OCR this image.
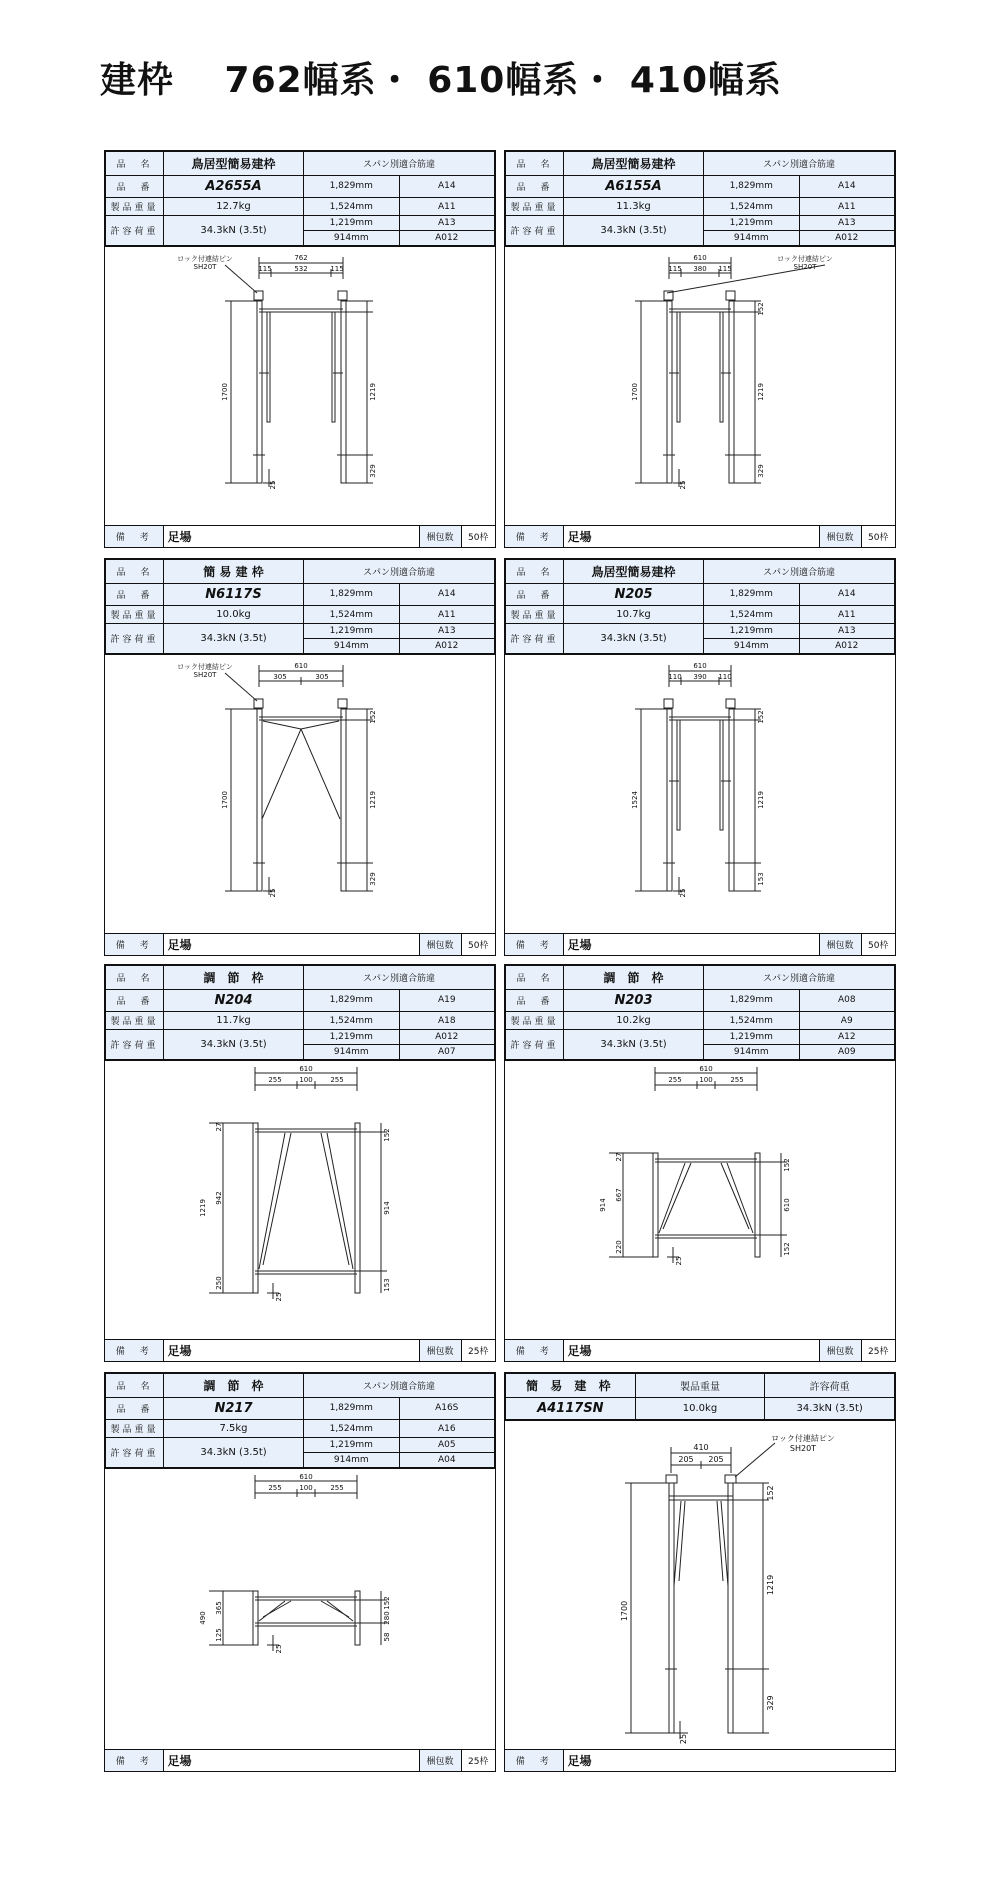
建枠　 762幅系・ 610幅系・ 410幅系
品　名	鳥居型簡易建枠	スパン別適合筋違	
品　番	A2655A	1,829mm	A14
製品重量	12.7kg	1,524mm	A11
許容荷重	34.3kN (3.5t)	1,219mm	A13
		914mm	A012
762
115	532	115
1700	1219
329
25
ロック付連結ピン
SH20T
備　考	足場	梱包数	50枠
品　名	鳥居型簡易建枠	スパン別適合筋違	
品　番	A6155A	1,829mm	A14
製品重量	11.3kg	1,524mm	A11
許容荷重	34.3kN (3.5t)	1,219mm	A13
		914mm	A012
610
115 380 115
1700
152
1219
329
25
ロック付連結ピン
SH20T
備　考	足場	梱包数	50枠
品　名	簡 易 建 枠	スパン別適合筋違	
品　番	N6117S	1,829mm	A14
製品重量	10.0kg	1,524mm	A11
許容荷重	34.3kN (3.5t)	1,219mm	A13
		914mm	A012
610
305	305
1700
152
1219
329
25
ロック付連結ピン
SH20T
備　考	足場	梱包数	50枠
品　名	鳥居型簡易建枠	スパン別適合筋違	
品　番	N205	1,829mm	A14
製品重量	10.7kg	1,524mm	A11
許容荷重	34.3kN (3.5t)	1,219mm	A13
		914mm	A012
610
110 390 110
1524
152
1219
153
25
備　考	足場	梱包数	50枠
品　名	調　節　枠	スパン別適合筋違	
品　番	N204	1,829mm	A19
製品重量	11.7kg	1,524mm	A18
許容荷重	34.3kN (3.5t)	1,219mm	A012
		914mm	A07
610
255	100	255
1219
942
27
250
152
914
153
25
備　考	足場	梱包数	25枠
品　名	調　節　枠	スパン別適合筋違	
品　番	N203	1,829mm	A08
製品重量	10.2kg	1,524mm	A9
許容荷重	34.3kN (3.5t)	1,219mm	A12
		914mm	A09
610
255	100	255
914
667
27
220
152
610
152
25
備　考	足場	梱包数	25枠
品　名	調　節　枠	スパン別適合筋違	
品　番	N217	1,829mm	A16S
製品重量	7.5kg	1,524mm	A16
許容荷重	34.3kN (3.5t)	1,219mm	A05
		914mm	A04
610
255	100	255
490
365
125
152
280
58
25
備　考	足場	梱包数	25枠
簡 易 建 枠	製品重量	許容荷重
A4117SN	10.0kg	34.3kN (3.5t)
410
205 205
1700
152
1219
329
25
ロック付連結ピン
SH20T
備　考	足場
